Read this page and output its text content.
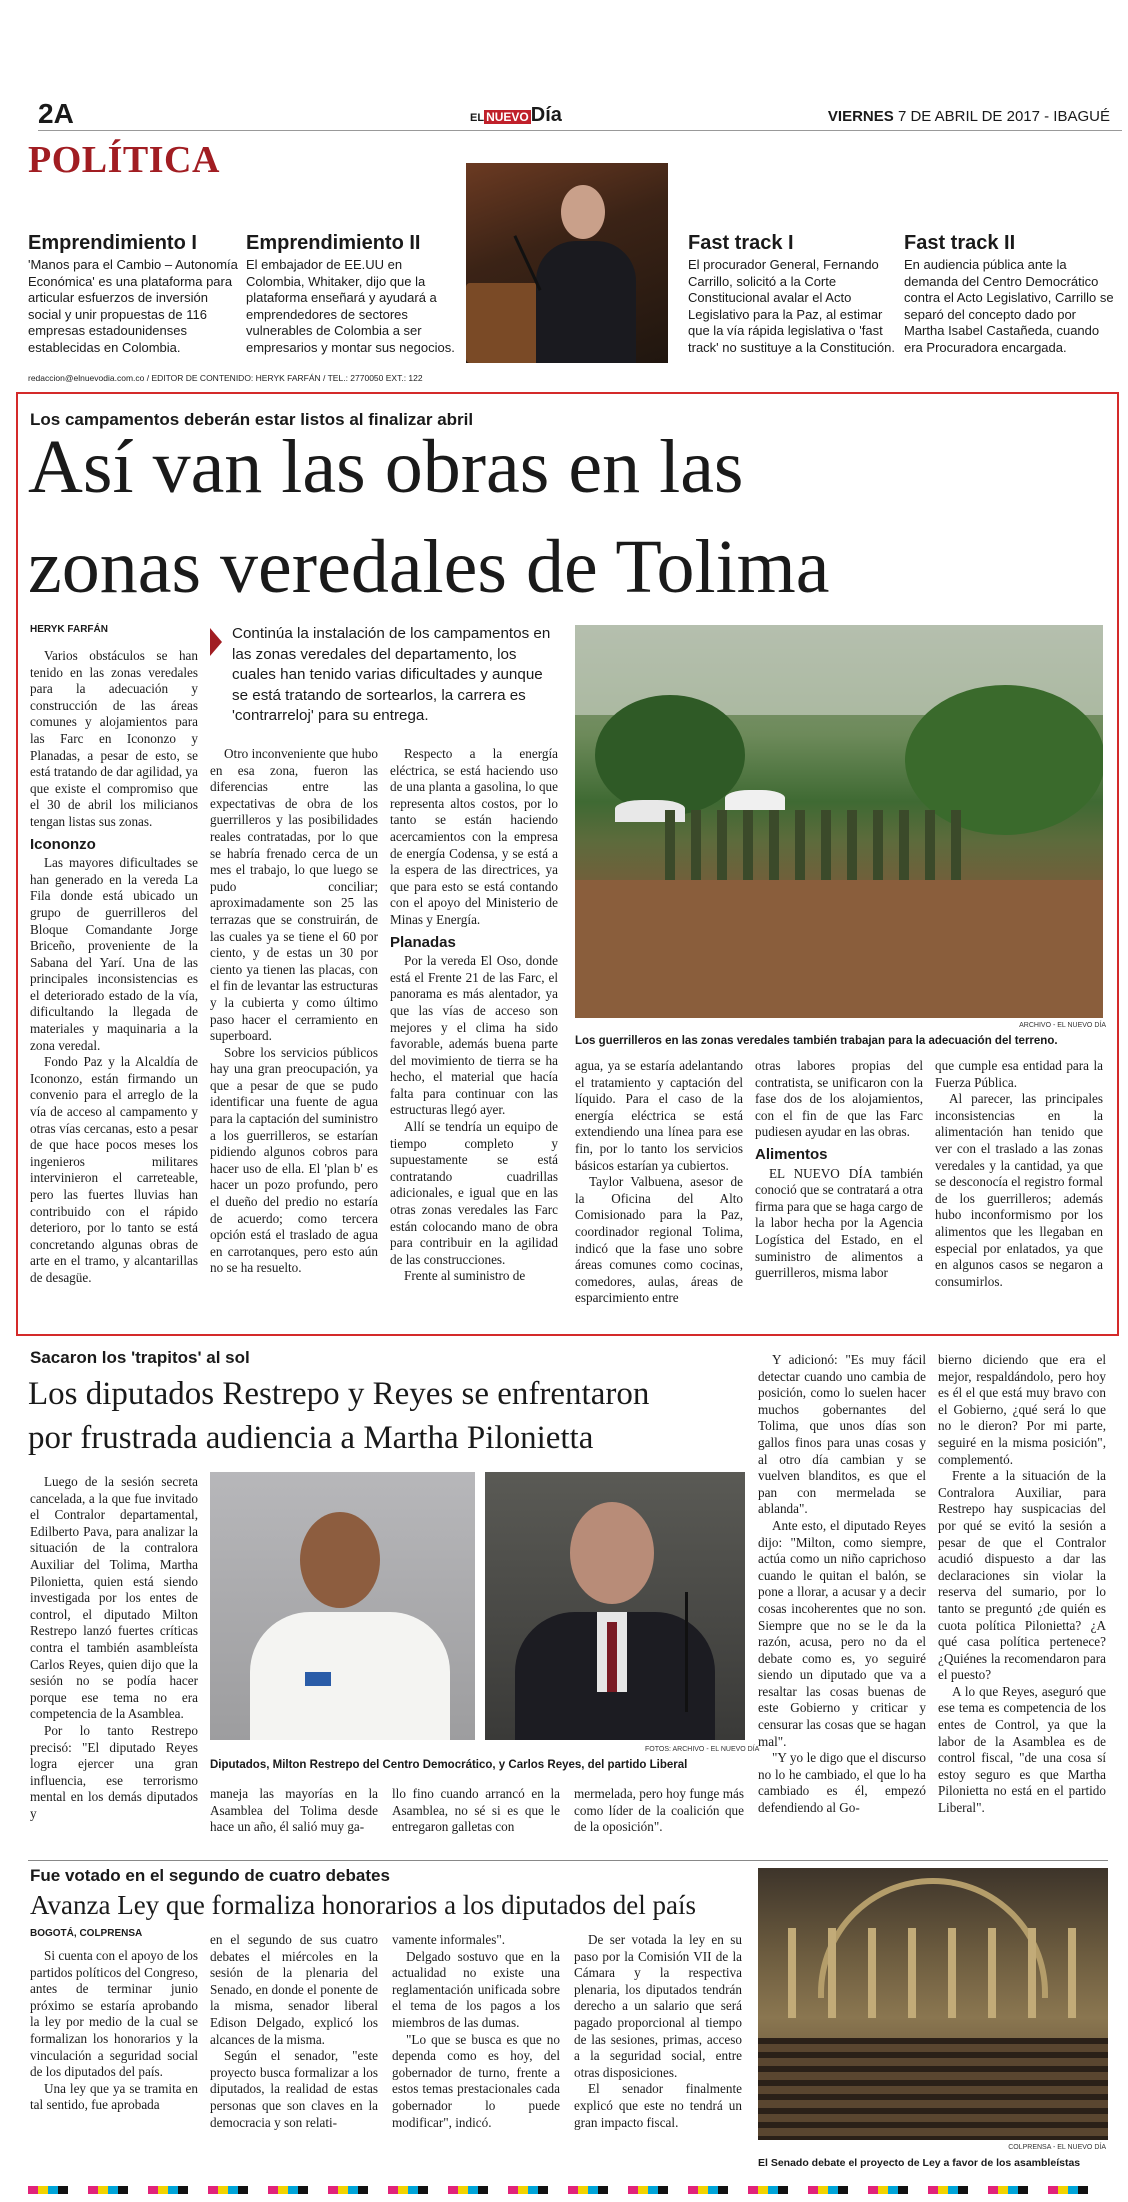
2A	EL NUEVO Día	VIERNES 7 DE ABRIL DE 2017 - IBAGUÉ
POLÍTICA
Emprendimiento I
'Manos para el Cambio – Autonomía Económica' es una plataforma para articular esfuerzos de inversión social y unir propuestas de 116 empresas estadounidenses establecidas en Colombia.
Emprendimiento II
El embajador de EE.UU en Colombia, Whitaker, dijo que la plataforma enseñará y ayudará a emprendedores de sectores vulnerables de Colombia a ser empresarios y montar sus negocios.
Fast track I
El procurador General, Fernando Carrillo, solicitó a la Corte Constitucional avalar el Acto Legislativo para la Paz, al estimar que la vía rápida legislativa o 'fast track' no sustituye a la Constitución.
Fast track II
En audiencia pública ante la demanda del Centro Democrático contra el Acto Legislativo, Carrillo se separó del concepto dado por Martha Isabel Castañeda, cuando era Procuradora encargada.
redaccion@elnuevodia.com.co / EDITOR DE CONTENIDO: HERYK FARFÁN / TEL.: 2770050 EXT.: 122
Los campamentos deberán estar listos al finalizar abril
Así van las obras en las
zonas veredales de Tolima
HERYK FARFÁN	Continúa la instalación de los campamentos en las zonas veredales del departamento, los cuales han tenido varias dificultades y aunque se está tratando de sortearlos, la carrera es 'contrarreloj' para su entrega.
ARCHIVO - EL NUEVO DÍA
Los guerrilleros en las zonas veredales también trabajan para la adecuación del terreno.

Varios obstáculos se han tenido en las zonas veredales para la adecuación y construcción de las áreas comunes y alojamientos para las Farc en Icononzo y Planadas, a pesar de esto, se está tratando de dar agilidad, ya que existe el compromiso que el 30 de abril los milicianos tengan listas sus zonas.

Icononzo

Las mayores dificultades se han generado en la vereda La Fila donde está ubicado un grupo de guerrilleros del Bloque Comandante Jorge Briceño, proveniente de la Sabana del Yarí. Una de las principales inconsistencias es el deteriorado estado de la vía, dificultando la llegada de materiales y maquinaria a la zona veredal.

Fondo Paz y la Alcaldía de Icononzo, están firmando un convenio para el arreglo de la vía de acceso al campamento y otras vías cercanas, esto a pesar de que hace pocos meses los ingenieros militares intervinieron el carreteable, pero las fuertes lluvias han contribuido con el rápido deterioro, por lo tanto se está concretando algunas obras de arte en el tramo, y alcantarillas de desagüe.

Otro inconveniente que hubo en esa zona, fueron las diferencias entre las expectativas de obra de los guerrilleros y las posibilidades reales contratadas, por lo que se habría frenado cerca de un mes el trabajo, lo que luego se pudo conciliar; aproximadamente son 25 las terrazas que se construirán, de las cuales ya se tiene el 60 por ciento, y de estas un 30 por ciento ya tienen las placas, con el fin de levantar las estructuras y la cubierta y como último paso hacer el cerramiento en superboard.

Sobre los servicios públicos hay una gran preocupación, ya que a pesar de que se pudo identificar una fuente de agua para la captación del suministro a los guerrilleros, se estarían pidiendo algunos cobros para hacer uso de ella. El 'plan b' es hacer un pozo profundo, pero el dueño del predio no estaría de acuerdo; como tercera opción está el traslado de agua en carrotanques, pero esto aún no se ha resuelto.

Respecto a la energía eléctrica, se está haciendo uso de una planta a gasolina, lo que representa altos costos, por lo tanto se están haciendo acercamientos con la empresa de energía Codensa, y se está a la espera de las directrices, ya que para esto se está contando con el apoyo del Ministerio de Minas y Energía.

Planadas

Por la vereda El Oso, donde está el Frente 21 de las Farc, el panorama es más alentador, ya que las vías de acceso son mejores y el clima ha sido favorable, además buena parte del movimiento de tierra se ha hecho, el material que hacía falta para continuar con las estructuras llegó ayer.

Allí se tendría un equipo de tiempo completo y supuestamente se está contratando cuadrillas adicionales, e igual que en las otras zonas veredales las Farc están colocando mano de obra para contribuir en la agilidad de las construcciones.

Frente al suministro de

agua, ya se estaría adelantando el tratamiento y captación del líquido. Para el caso de la energía eléctrica se está extendiendo una línea para ese fin, por lo tanto los servicios básicos estarían ya cubiertos.

Taylor Valbuena, asesor de la Oficina del Alto Comisionado para la Paz, coordinador regional Tolima, indicó que la fase uno sobre áreas comunes como cocinas, comedores, aulas, áreas de esparcimiento entre

otras labores propias del contratista, se unificaron con la fase dos de los alojamientos, con el fin de que las Farc pudiesen ayudar en las obras.

Alimentos

EL NUEVO DÍA también conoció que se contratará a otra firma para que se haga cargo de la labor hecha por la Agencia Logística del Estado, en el suministro de alimentos a guerrilleros, misma labor

que cumple esa entidad para la Fuerza Pública.

Al parecer, las principales inconsistencias en la alimentación han tenido que ver con el traslado a las zonas veredales y la cantidad, ya que se desconocía el registro formal de los guerrilleros; además hubo inconformismo por los alimentos que les llegaban en especial por enlatados, ya que en algunos casos se negaron a consumirlos.

Sacaron los 'trapitos' al sol
Los diputados Restrepo y Reyes se enfrentaron
por frustrada audiencia a Martha Pilonietta

Luego de la sesión secreta cancelada, a la que fue invitado el Contralor departamental, Edilberto Pava, para analizar la situación de la contralora Auxiliar del Tolima, Martha Pilonietta, quien está siendo investigada por los entes de control, el diputado Milton Restrepo lanzó fuertes críticas contra el también asambleísta Carlos Reyes, quien dijo que la sesión no se podía hacer porque ese tema no era competencia de la Asamblea.

Por lo tanto Restrepo precisó: "El diputado Reyes logra ejercer una gran influencia, ese terrorismo mental en los demás diputados y

FOTOS: ARCHIVO - EL NUEVO DÍA
Diputados, Milton Restrepo del Centro Democrático, y Carlos Reyes, del partido Liberal

maneja las mayorías en la Asamblea del Tolima desde hace un año, él salió muy ga-

llo fino cuando arrancó en la Asamblea, no sé si es que le entregaron galletas con

mermelada, pero hoy funge más como líder de la coalición que de la oposición".

Y adicionó: "Es muy fácil detectar cuando uno cambia de posición, como lo suelen hacer muchos gobernantes del Tolima, que unos días son gallos finos para unas cosas y al otro día cambian y se vuelven blanditos, es que el pan con mermelada se ablanda".

Ante esto, el diputado Reyes dijo: "Milton, como siempre, actúa como un niño caprichoso cuando le quitan el balón, se pone a llorar, a acusar y a decir cosas incoherentes que no son. Siempre que no se le da la razón, acusa, pero no da el debate como es, yo seguiré siendo un diputado que va a resaltar las cosas buenas de este Gobierno y criticar y censurar las cosas que se hagan mal".

"Y yo le digo que el discurso no lo he cambiado, el que lo ha cambiado es él, empezó defendiendo al Go-

bierno diciendo que era el mejor, respaldándolo, pero hoy es él el que está muy bravo con el Gobierno, ¿qué será lo que no le dieron? Por mi parte, seguiré en la misma posición", complementó.

Frente a la situación de la Contralora Auxiliar, para Restrepo hay suspicacias del por qué se evitó la sesión a pesar de que el Contralor acudió dispuesto a dar las declaraciones sin violar la reserva del sumario, por lo tanto se preguntó ¿de quién es cuota política Pilonietta? ¿A qué casa política pertenece? ¿Quiénes la recomendaron para el puesto?

A lo que Reyes, aseguró que ese tema es competencia de los entes de Control, ya que la labor de la Asamblea es de control fiscal, "de una cosa sí estoy seguro es que Martha Pilonietta no está en el partido Liberal".

Fue votado en el segundo de cuatro debates
Avanza Ley que formaliza honorarios a los diputados del país
BOGOTÁ, COLPRENSA

Si cuenta con el apoyo de los partidos políticos del Congreso, antes de terminar junio próximo se estaría aprobando la ley por medio de la cual se formalizan los honorarios y la vinculación a seguridad social de los diputados del país.

Una ley que ya se tramita en tal sentido, fue aprobada

en el segundo de sus cuatro debates el miércoles en la sesión de la plenaria del Senado, en donde el ponente de la misma, senador liberal Edison Delgado, explicó los alcances de la misma.

Según el senador, "este proyecto busca formalizar a los diputados, la realidad de estas personas que son claves en la democracia y son relati-

vamente informales".

Delgado sostuvo que en la actualidad no existe una reglamentación unificada sobre el tema de los pagos a los miembros de las dumas.

"Lo que se busca es que no dependa como es hoy, del gobernador de turno, frente a estos temas prestacionales cada gobernador lo puede modificar", indicó.

De ser votada la ley en su paso por la Comisión VII de la Cámara y la respectiva plenaria, los diputados tendrán derecho a un salario que será pagado proporcional al tiempo de las sesiones, primas, acceso a la seguridad social, entre otras disposiciones.

El senador finalmente explicó que este no tendrá un gran impacto fiscal.

COLPRENSA - EL NUEVO DÍA
El Senado debate el proyecto de Ley a favor de los asambleístas
